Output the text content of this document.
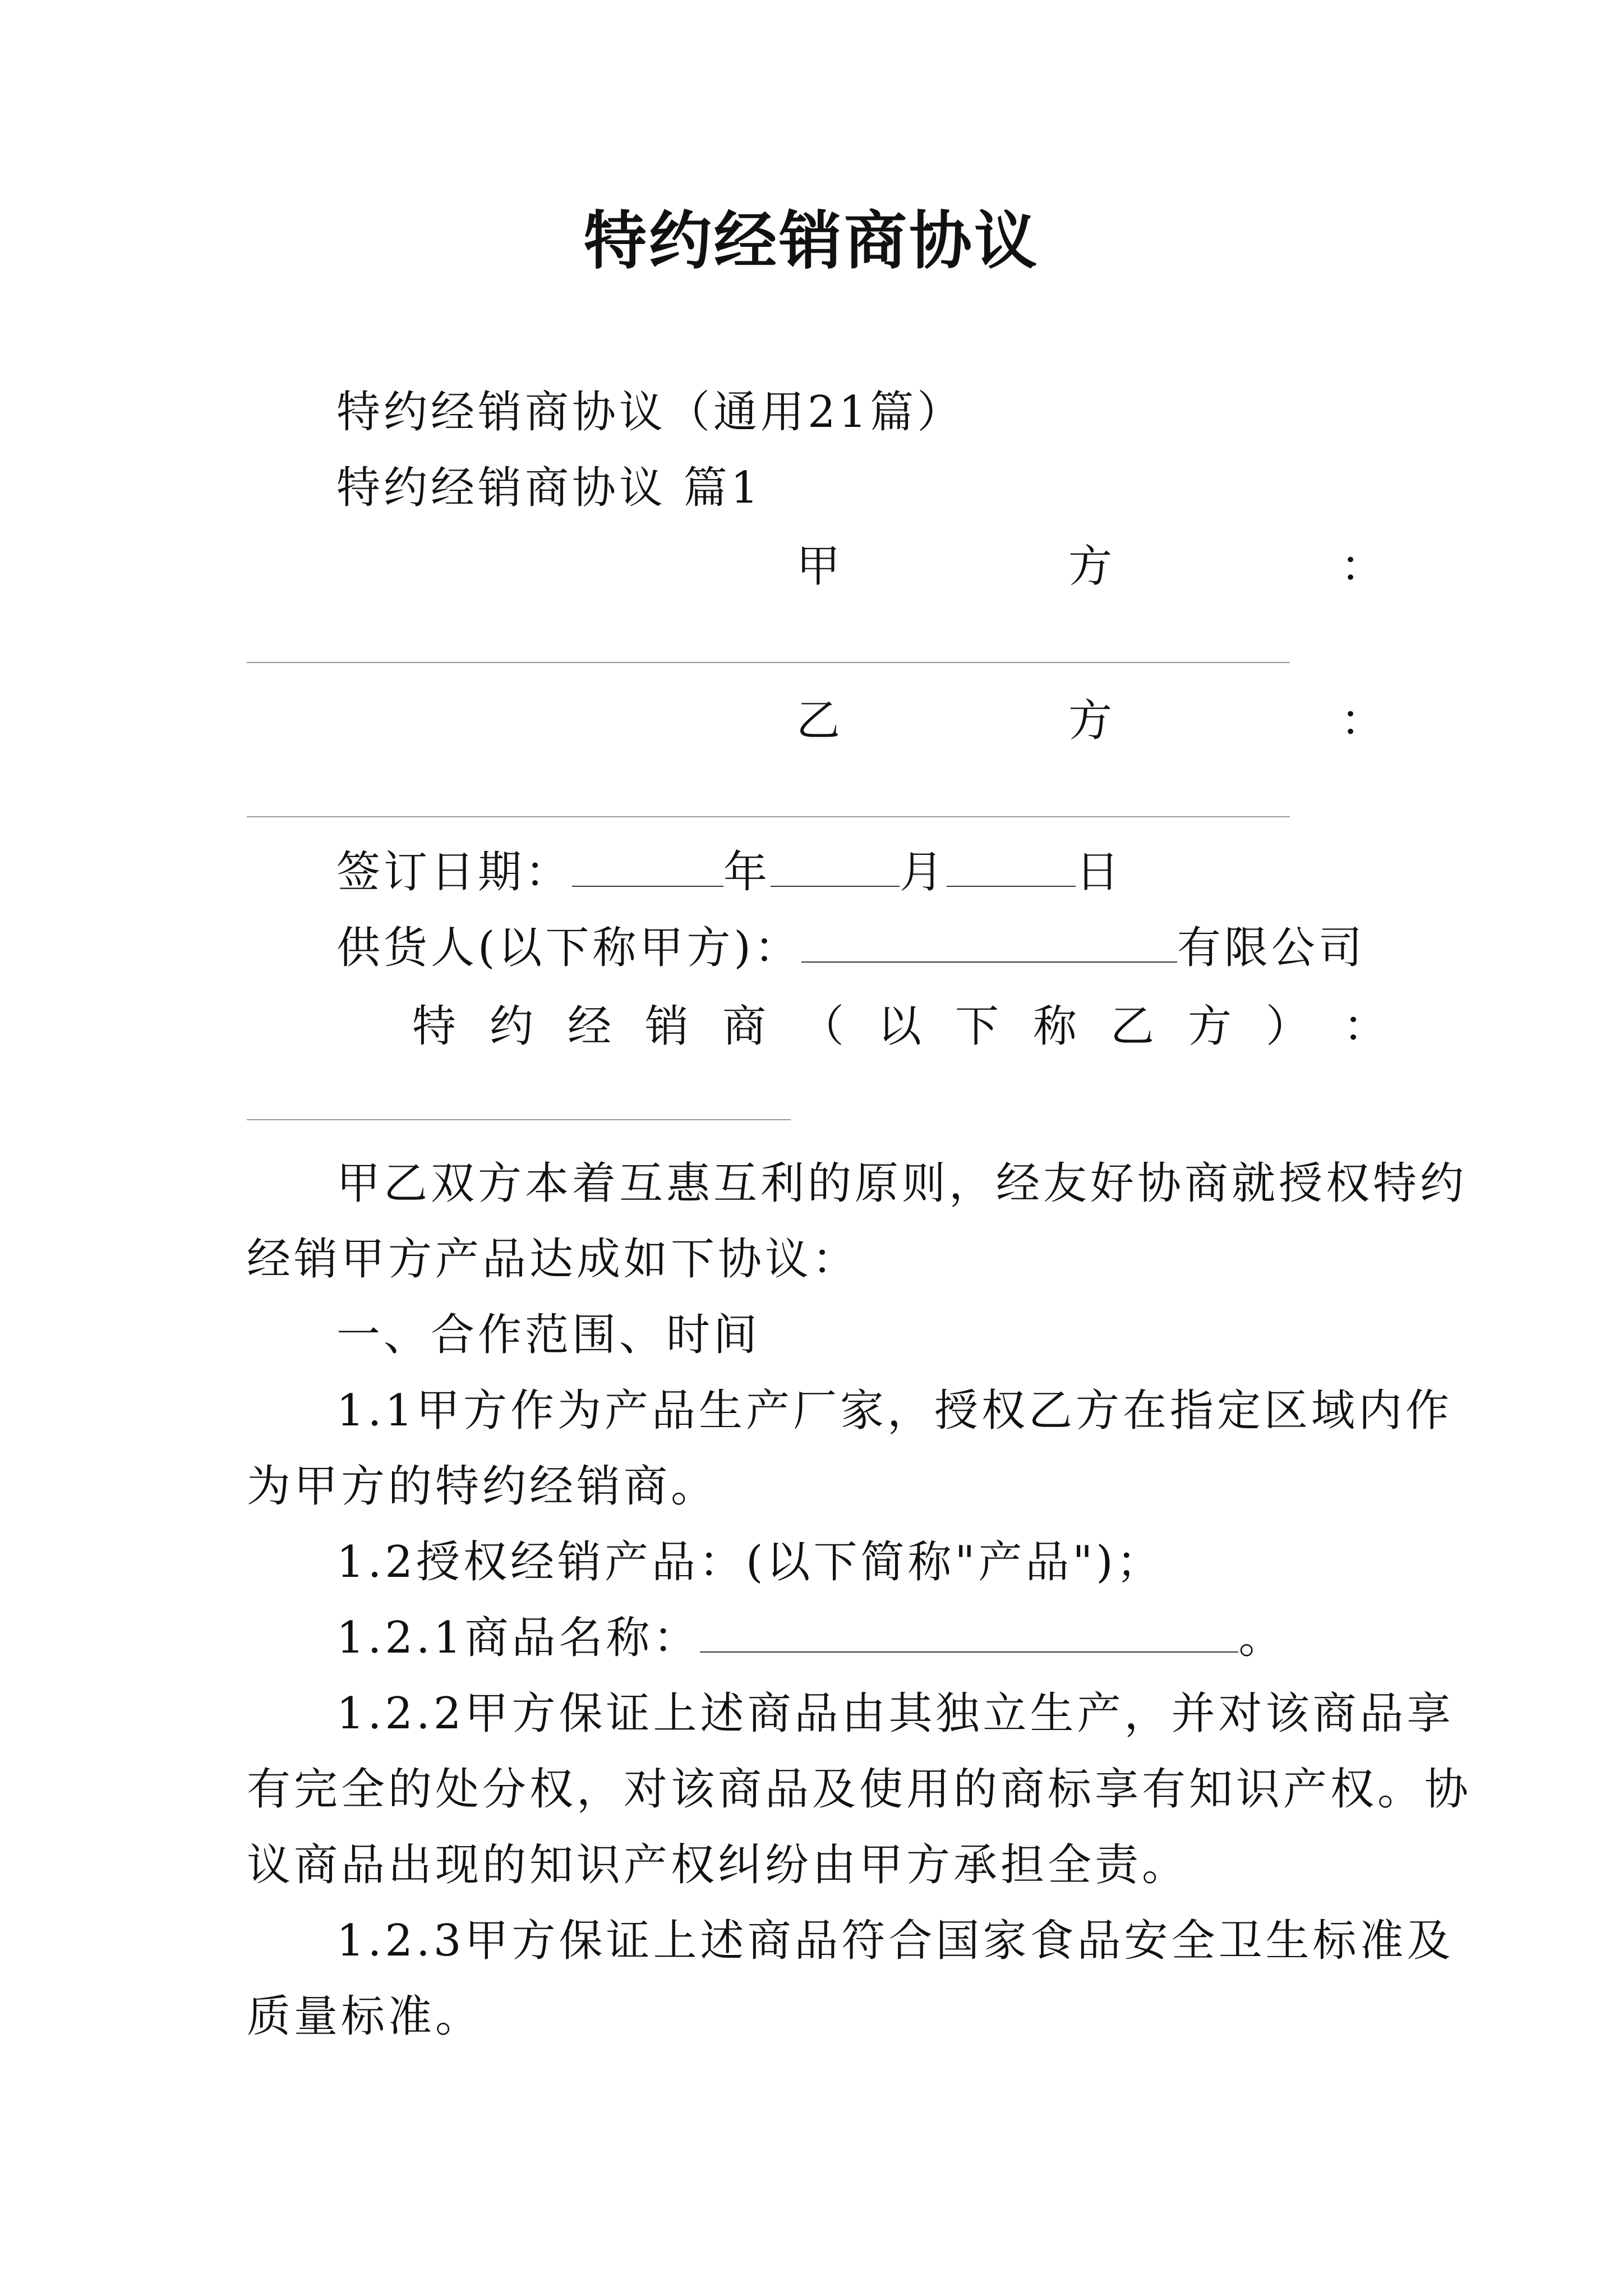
特约经销商协议
特约经销商协议（通用21篇）
特约经销商协议 篇1
甲	方	：
乙	方	：
签订日期：	年	月	日
供货人(以下称甲方)：	有限公司
特 约 经 销 商 （ 以 下 称 乙 方 ） ：
甲乙双方本着互惠互利的原则，经友好协商就授权特约
经销甲方产品达成如下协议：
一、合作范围、时间
1.1甲方作为产品生产厂家，授权乙方在指定区域内作
为甲方的特约经销商。
1.2授权经销产品：(以下简称"产品")；
1.2.1商品名称：	。
1.2.2甲方保证上述商品由其独立生产，并对该商品享
有完全的处分权，对该商品及使用的商标享有知识产权。协
议商品出现的知识产权纠纷由甲方承担全责。
1.2.3甲方保证上述商品符合国家食品安全卫生标准及
质量标准。
